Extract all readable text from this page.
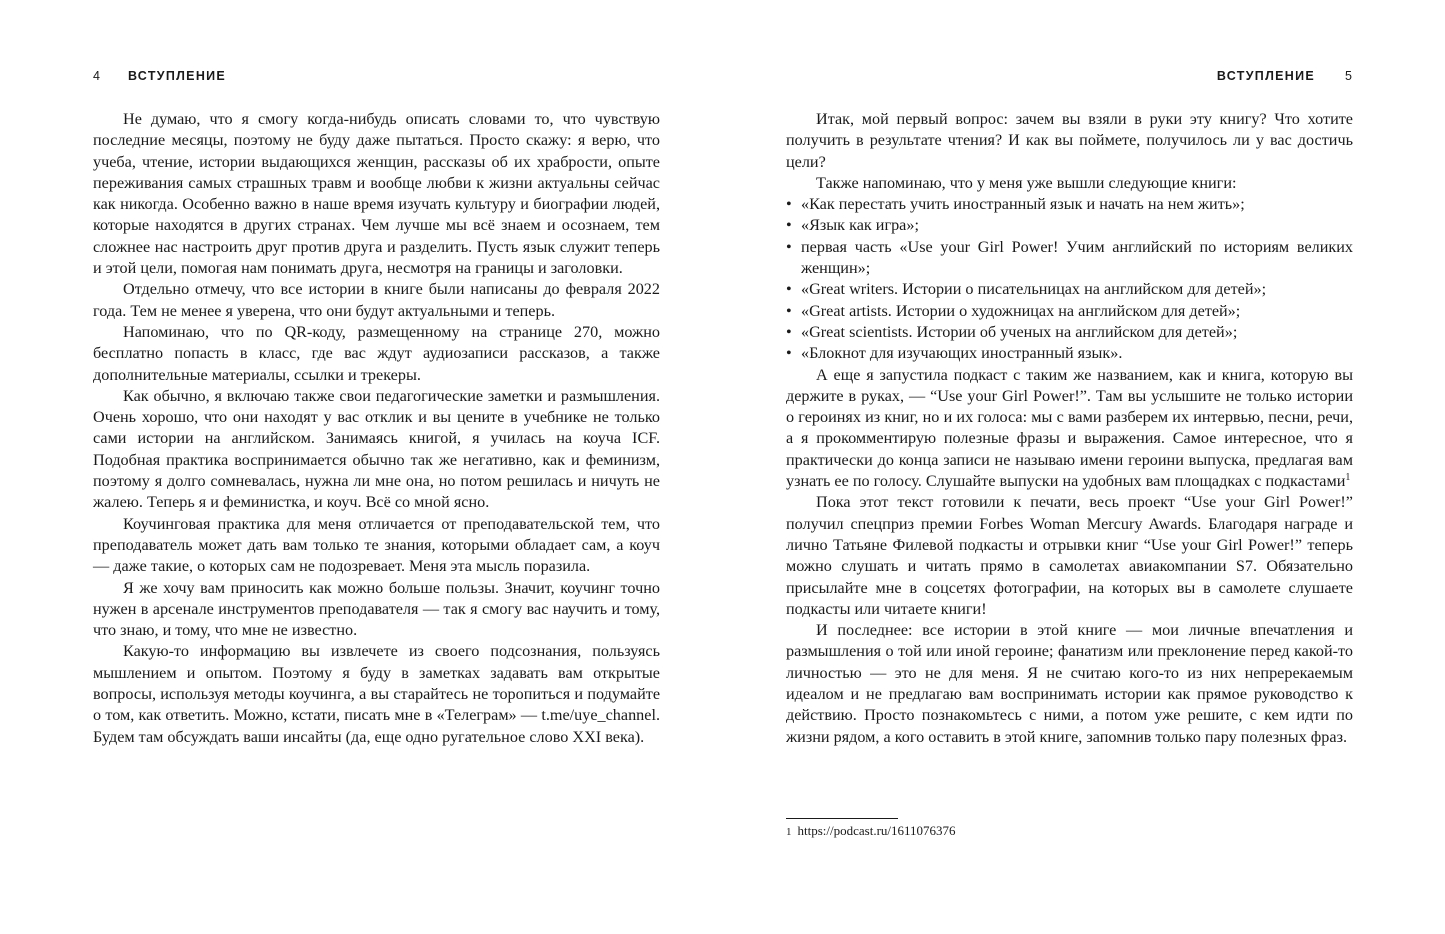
4 ВСТУПЛЕНИЕ

Не думаю, что я смогу когда-нибудь описать словами то, что чувствую последние месяцы, поэтому не буду даже пытаться. Просто скажу: я верю, что учеба, чтение, истории выдающихся женщин, рассказы об их храбрости, опыте переживания самых страшных травм и вообще любви к жизни актуальны сейчас как никогда. Особенно важно в наше время изучать культуру и биографии людей, которые находятся в других странах. Чем лучше мы всё знаем и осознаем, тем сложнее нас настроить друг против друга и разделить. Пусть язык служит теперь и этой цели, помогая нам понимать друга, несмотря на границы и заголовки.

Отдельно отмечу, что все истории в книге были написаны до февраля 2022 года. Тем не менее я уверена, что они будут актуальными и теперь.

Напоминаю, что по QR-коду, размещенному на странице 270, можно бесплатно попасть в класс, где вас ждут аудиозаписи рассказов, а также дополнительные материалы, ссылки и трекеры.

Как обычно, я включаю также свои педагогические заметки и размышления. Очень хорошо, что они находят у вас отклик и вы цените в учебнике не только сами истории на английском. Занимаясь книгой, я училась на коуча ICF. Подобная практика воспринимается обычно так же негативно, как и феминизм, поэтому я долго сомневалась, нужна ли мне она, но потом решилась и ничуть не жалею. Теперь я и феминистка, и коуч. Всё со мной ясно.

Коучинговая практика для меня отличается от преподавательской тем, что преподаватель может дать вам только те знания, которыми обладает сам, а коуч — даже такие, о которых сам не подозревает. Меня эта мысль поразила.

Я же хочу вам приносить как можно больше пользы. Значит, коучинг точно нужен в арсенале инструментов преподавателя — так я смогу вас научить и тому, что знаю, и тому, что мне не известно.

Какую-то информацию вы извлечете из своего подсознания, пользуясь мышлением и опытом. Поэтому я буду в заметках задавать вам открытые вопросы, используя методы коучинга, а вы старайтесь не торопиться и подумайте о том, как ответить. Можно, кстати, писать мне в «Телеграм» — t.me/uye_channel. Будем там обсуждать ваши инсайты (да, еще одно ругательное слово XXI века).

ВСТУПЛЕНИЕ 5

Итак, мой первый вопрос: зачем вы взяли в руки эту книгу? Что хотите получить в результате чтения? И как вы поймете, получилось ли у вас достичь цели?

Также напоминаю, что у меня уже вышли следующие книги:

• «Как перестать учить иностранный язык и начать на нем жить»;
• «Язык как игра»;
• первая часть «Use your Girl Power! Учим английский по историям великих женщин»;
• «Great writers. Истории о писательницах на английском для детей»;
• «Great artists. Истории о художницах на английском для детей»;
• «Great scientists. Истории об ученых на английском для детей»;
• «Блокнот для изучающих иностранный язык».

А еще я запустила подкаст с таким же названием, как и книга, которую вы держите в руках, — “Use your Girl Power!”. Там вы услышите не только истории о героинях из книг, но и их голоса: мы с вами разберем их интервью, песни, речи, а я прокомментирую полезные фразы и выражения. Самое интересное, что я практически до конца записи не называю имени героини выпуска, предлагая вам узнать ее по голосу. Слушайте выпуски на удобных вам площадках с подкастами$^1$

Пока этот текст готовили к печати, весь проект “Use your Girl Power!” получил спецприз премии Forbes Woman Mercury Awards. Благодаря награде и лично Татьяне Филевой подкасты и отрывки книг “Use your Girl Power!” теперь можно слушать и читать прямо в самолетах авиакомпании S7. Обязательно присылайте мне в соцсетях фотографии, на которых вы в самолете слушаете подкасты или читаете книги!

И последнее: все истории в этой книге — мои личные впечатления и размышления о той или иной героине; фанатизм или преклонение перед какой-то личностью — это не для меня. Я не считаю кого-то из них непререкаемым идеалом и не предлагаю вам воспринимать истории как прямое руководство к действию. Просто познакомьтесь с ними, а потом уже решите, с кем идти по жизни рядом, а кого оставить в этой книге, запомнив только пару полезных фраз.

1 https://podcast.ru/1611076376
